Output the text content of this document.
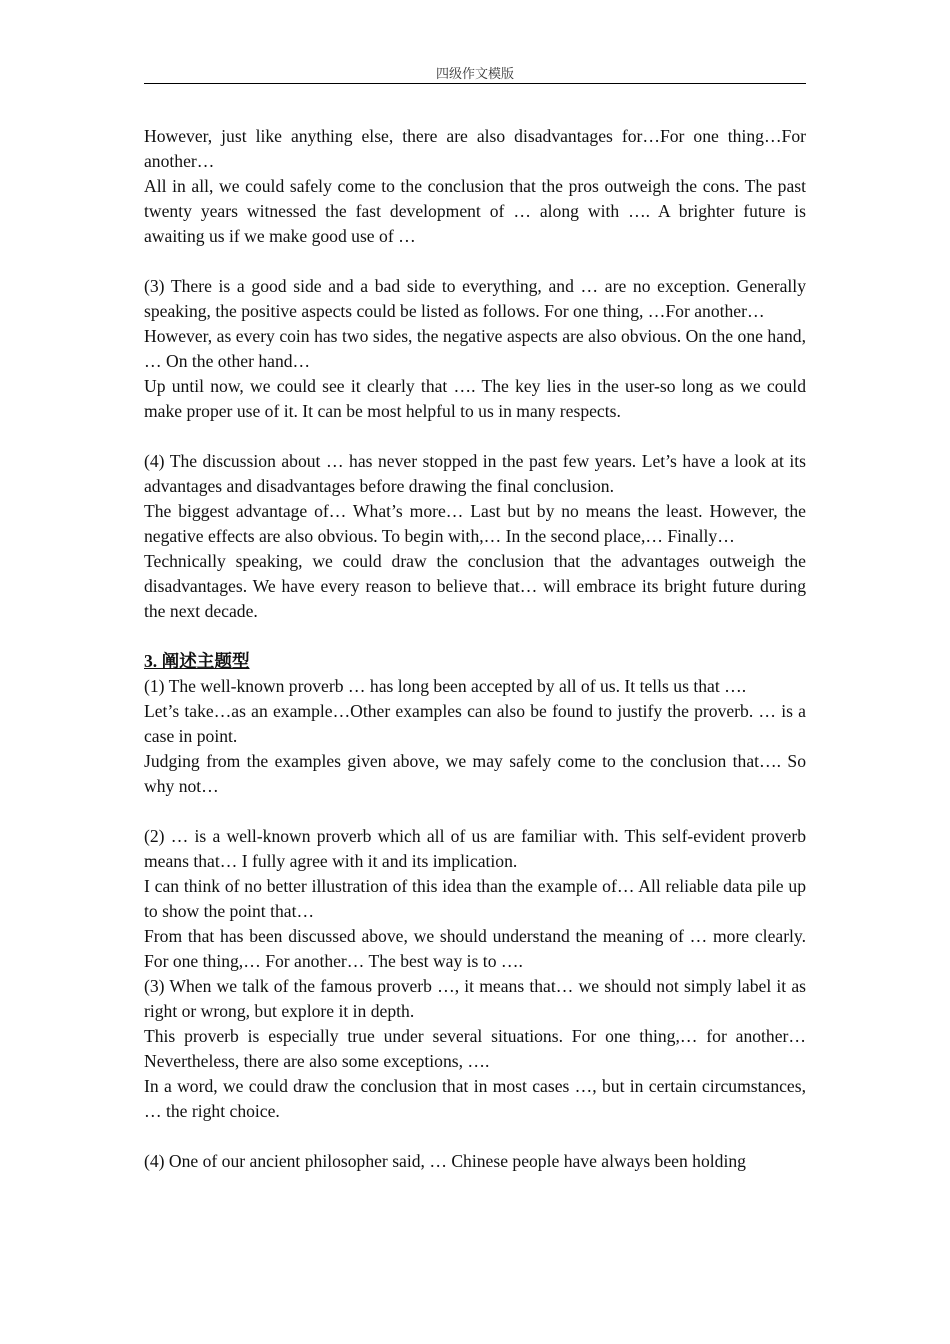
四级作文模版

However, just like anything else, there are also disadvantages for…For one thing…For another…

All in all, we could safely come to the conclusion that the pros outweigh the cons. The past twenty years witnessed the fast development of … along with …. A brighter future is awaiting us if we make good use of …

(3) There is a good side and a bad side to everything, and … are no exception. Generally speaking, the positive aspects could be listed as follows. For one thing, …For another…

However, as every coin has two sides, the negative aspects are also obvious. On the one hand, … On the other hand…

Up until now, we could see it clearly that …. The key lies in the user-so long as we could make proper use of it. It can be most helpful to us in many respects.

(4) The discussion about … has never stopped in the past few years. Let’s have a look at its advantages and disadvantages before drawing the final conclusion.

The biggest advantage of… What’s more… Last but by no means the least. However, the negative effects are also obvious. To begin with,… In the second place,… Finally…

Technically speaking, we could draw the conclusion that the advantages outweigh the disadvantages. We have every reason to believe that… will embrace its bright future during the next decade.

3. 阐述主题型

(1) The well-known proverb … has long been accepted by all of us. It tells us that ….

Let’s take…as an example…Other examples can also be found to justify the proverb. … is a case in point.

Judging from the examples given above, we may safely come to the conclusion that…. So why not…

(2) … is a well-known proverb which all of us are familiar with. This self-evident proverb means that… I fully agree with it and its implication.

I can think of no better illustration of this idea than the example of… All reliable data pile up to show the point that…

From that has been discussed above, we should understand the meaning of … more clearly. For one thing,… For another… The best way is to ….

(3) When we talk of the famous proverb …, it means that… we should not simply label it as right or wrong, but explore it in depth.

This proverb is especially true under several situations. For one thing,… for another… Nevertheless, there are also some exceptions, ….

In a word, we could draw the conclusion that in most cases …, but in certain circumstances, … the right choice.

(4) One of our ancient philosopher said, … Chinese people have always been holding
